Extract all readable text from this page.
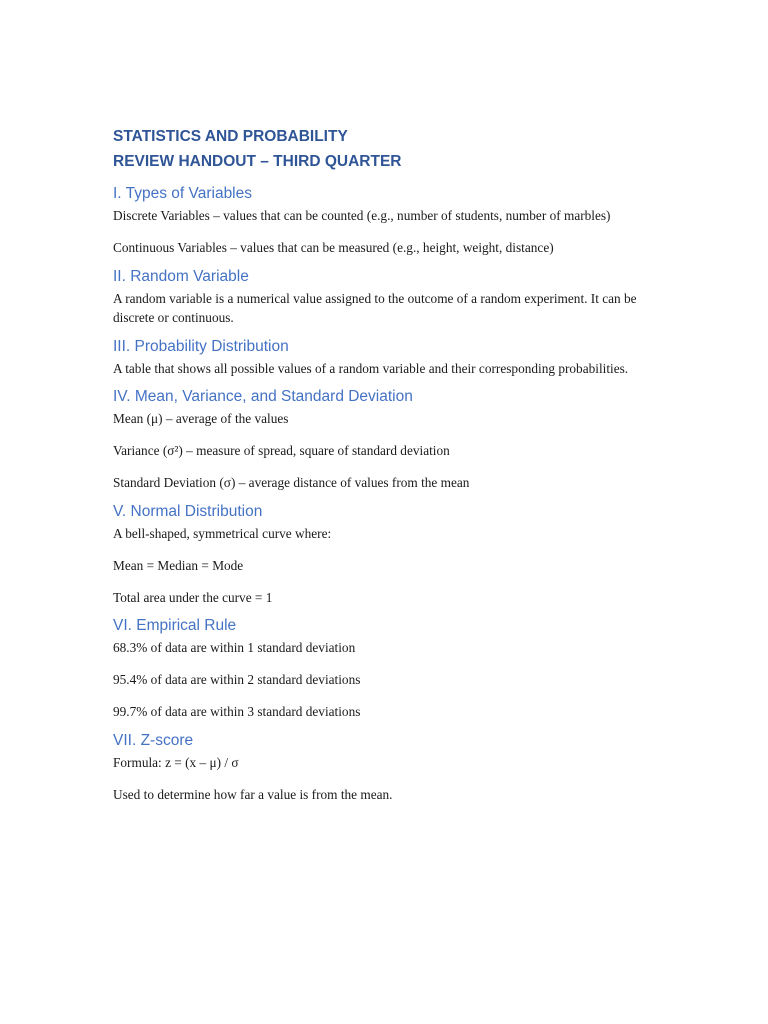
STATISTICS AND PROBABILITY
REVIEW HANDOUT – THIRD QUARTER
I. Types of Variables

Discrete Variables – values that can be counted (e.g., number of students, number of marbles)

Continuous Variables – values that can be measured (e.g., height, weight, distance)

II. Random Variable

A random variable is a numerical value assigned to the outcome of a random experiment. It can be discrete or continuous.

III. Probability Distribution

A table that shows all possible values of a random variable and their corresponding probabilities.

IV. Mean, Variance, and Standard Deviation

Mean (μ) – average of the values

Variance (σ²) – measure of spread, square of standard deviation

Standard Deviation (σ) – average distance of values from the mean

V. Normal Distribution

A bell-shaped, symmetrical curve where:

Mean = Median = Mode

Total area under the curve = 1

VI. Empirical Rule

68.3% of data are within 1 standard deviation

95.4% of data are within 2 standard deviations

99.7% of data are within 3 standard deviations

VII. Z-score

Formula: z = (x – μ) / σ

Used to determine how far a value is from the mean.
